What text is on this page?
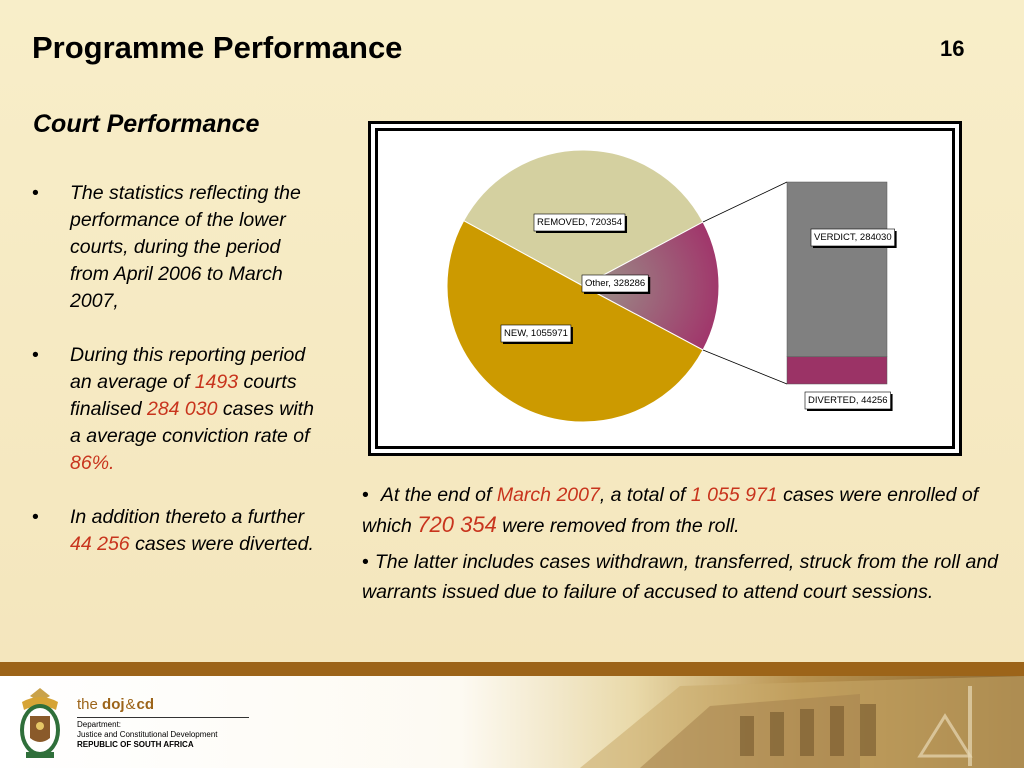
Programme Performance	16
Court Performance
• The statistics reflecting the performance of the lower courts, during the period from April 2006 to March 2007,
• During this reporting period an average of 1493 courts finalised 284 030 cases with a average conviction rate of 86%.
• In addition thereto a further 44 256 cases were diverted.
REMOVED, 720354
Other, 328286
NEW, 1055971
VERDICT, 284030
DIVERTED, 44256

• At the end of March 2007, a total of 1 055 971 cases were enrolled of which 720 354 were removed from the roll.

• The latter includes cases withdrawn, transferred, struck from the roll and warrants issued due to failure of accused to attend court sessions.

the doj&cd
Department:
Justice and Constitutional Development
REPUBLIC OF SOUTH AFRICA
